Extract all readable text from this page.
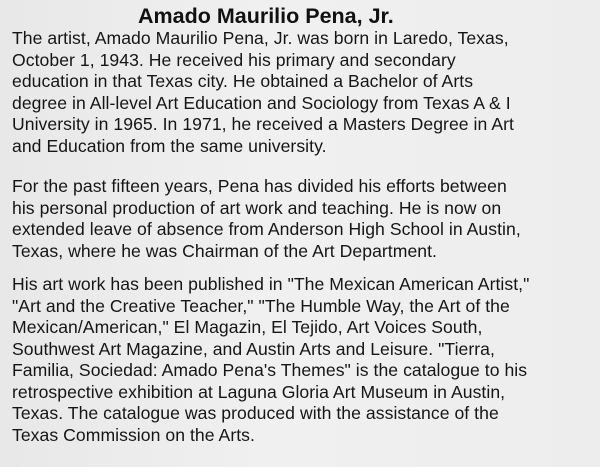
Amado Maurilio Pena, Jr.
The artist, Amado Maurilio Pena, Jr. was born in Laredo, Texas,
October 1, 1943. He received his primary and secondary
education in that Texas city. He obtained a Bachelor of Arts
degree in All-level Art Education and Sociology from Texas A & I
University in 1965. In 1971, he received a Masters Degree in Art
and Education from the same university.
For the past fifteen years, Pena has divided his efforts between
his personal production of art work and teaching. He is now on
extended leave of absence from Anderson High School in Austin,
Texas, where he was Chairman of the Art Department.
His art work has been published in "The Mexican American Artist,"
"Art and the Creative Teacher," "The Humble Way, the Art of the
Mexican/American," El Magazin, El Tejido, Art Voices South,
Southwest Art Magazine, and Austin Arts and Leisure. "Tierra,
Familia, Sociedad: Amado Pena's Themes" is the catalogue to his
retrospective exhibition at Laguna Gloria Art Museum in Austin,
Texas. The catalogue was produced with the assistance of the
Texas Commission on the Arts.
